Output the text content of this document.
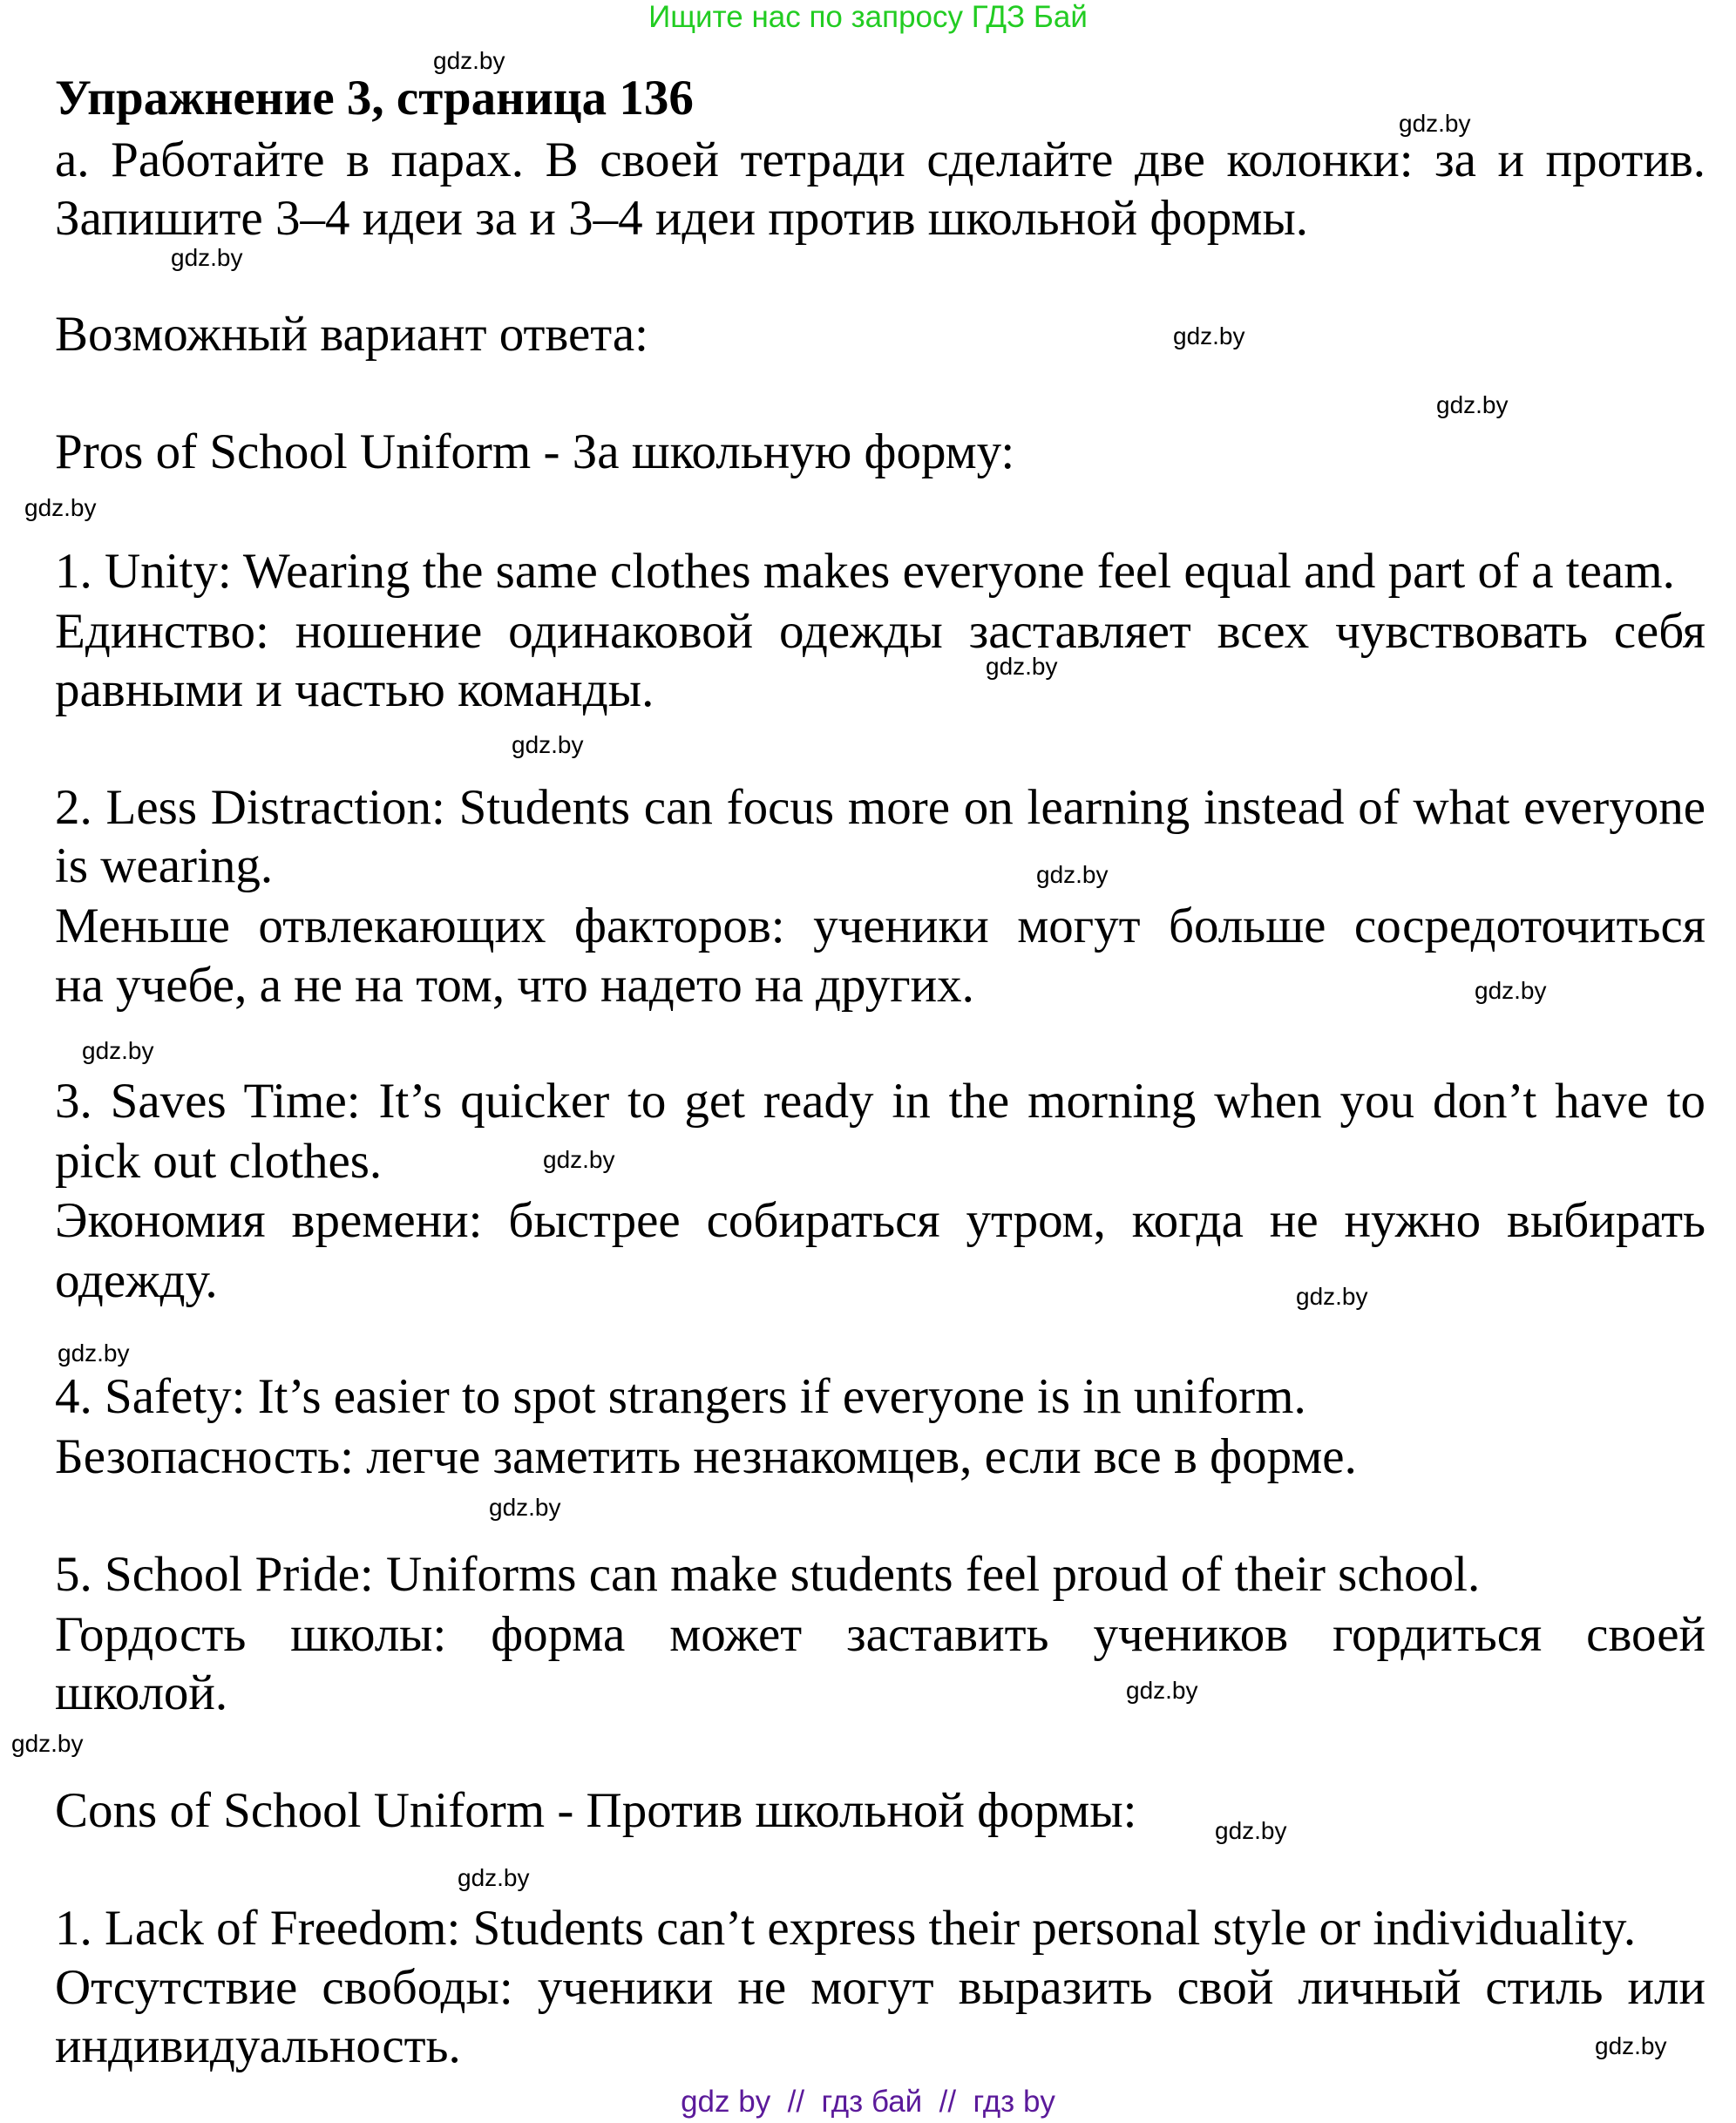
Ищите нас по запросу ГДЗ Бай
Упражнение 3, страница 136
а. Работайте в парах. В своей тетради сделайте две колонки: за и против.
Запишите 3–4 идеи за и 3–4 идеи против школьной формы.
Возможный вариант ответа:
Pros of School Uniform - За школьную форму:
1. Unity: Wearing the same clothes makes everyone feel equal and part of a team.
Единство: ношение одинаковой одежды заставляет всех чувствовать себя
равными и частью команды.
2. Less Distraction: Students can focus more on learning instead of what everyone
is wearing.
Меньше отвлекающих факторов: ученики могут больше сосредоточиться
на учебе, а не на том, что надето на других.
3. Saves Time: It’s quicker to get ready in the morning when you don’t have to
pick out clothes.
Экономия времени: быстрее собираться утром, когда не нужно выбирать
одежду.
4. Safety: It’s easier to spot strangers if everyone is in uniform.
Безопасность: легче заметить незнакомцев, если все в форме.
5. School Pride: Uniforms can make students feel proud of their school.
Гордость школы: форма может заставить учеников гордиться своей
школой.
Cons of School Uniform - Против школьной формы:
1. Lack of Freedom: Students can’t express their personal style or individuality.
Отсутствие свободы: ученики не могут выразить свой личный стиль или
индивидуальность.
gdz.by
gdz.by
gdz.by
gdz.by
gdz.by
gdz.by
gdz.by
gdz.by
gdz.by
gdz.by
gdz.by
gdz.by
gdz.by
gdz.by
gdz.by
gdz.by
gdz.by
gdz.by
gdz.by
gdz.by
gdz by  //  гдз бай  //  гдз by
